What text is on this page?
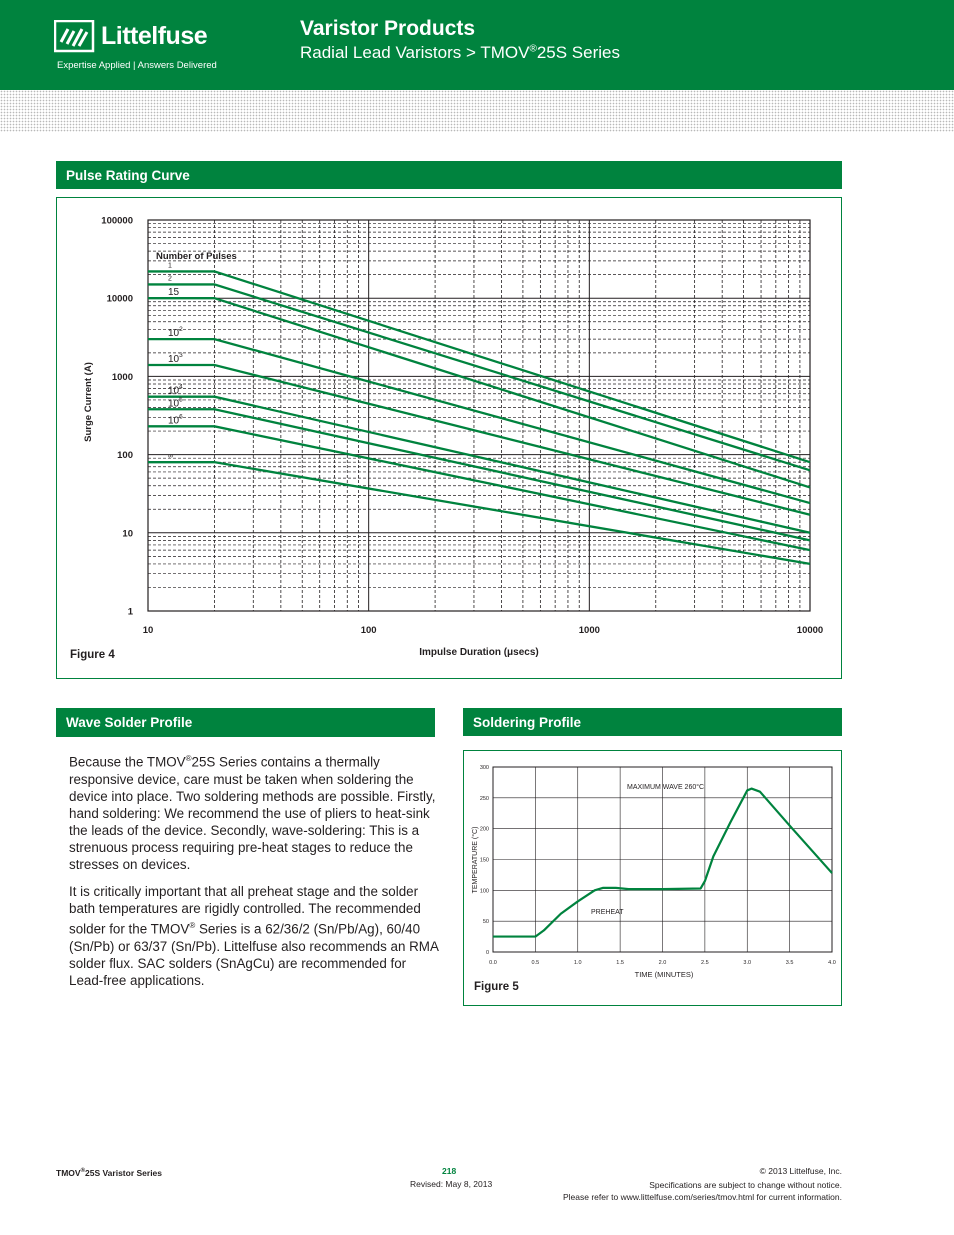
Littelfuse
Expertise Applied | Answers Delivered
Varistor Products
Radial Lead Varistors > TMOV®25S Series
Pulse Rating Curve
10	100	1000	10000
100000
10000
1000
100
10
1
Number of Pulses
1
2
15
$10^2$
$10^3$
$10^4$
$10^5$
$10^6$
∞
Impulse Duration (μsecs)
Surge Current (A)
Figure 4
Wave Solder Profile

Because the TMOV®25S Series contains a thermally responsive device, care must be taken when soldering the device into place. Two soldering methods are possible. Firstly, hand soldering: We recommend the use of pliers to heat-sink the leads of the device. Secondly, wave-soldering: This is a strenuous process requiring pre-heat stages to reduce the stresses on devices.

It is critically important that all preheat stage and the solder bath temperatures are rigidly controlled. The recommended solder for the TMOV® Series is a 62/36/2 (Sn/Pb/Ag), 60/40 (Sn/Pb) or 63/37 (Sn/Pb). Littelfuse also recommends an RMA solder flux. SAC solders (SnAgCu) are recommended for Lead-free applications.

Soldering Profile
0.0	0.5	1.0	1.5	2.0	2.5	3.0	3.5	4.0
0
50
100
150
200
250
300
MAXIMUM WAVE 260°C
PREHEAT
TIME (MINUTES)
TEMPERATURE (°C)
Figure 5
TMOV®25S Varistor Series	218
Revised: May 8, 2013
© 2013 Littelfuse, Inc.
Specifications are subject to change without notice.
Please refer to www.littelfuse.com/series/tmov.html for current information.
